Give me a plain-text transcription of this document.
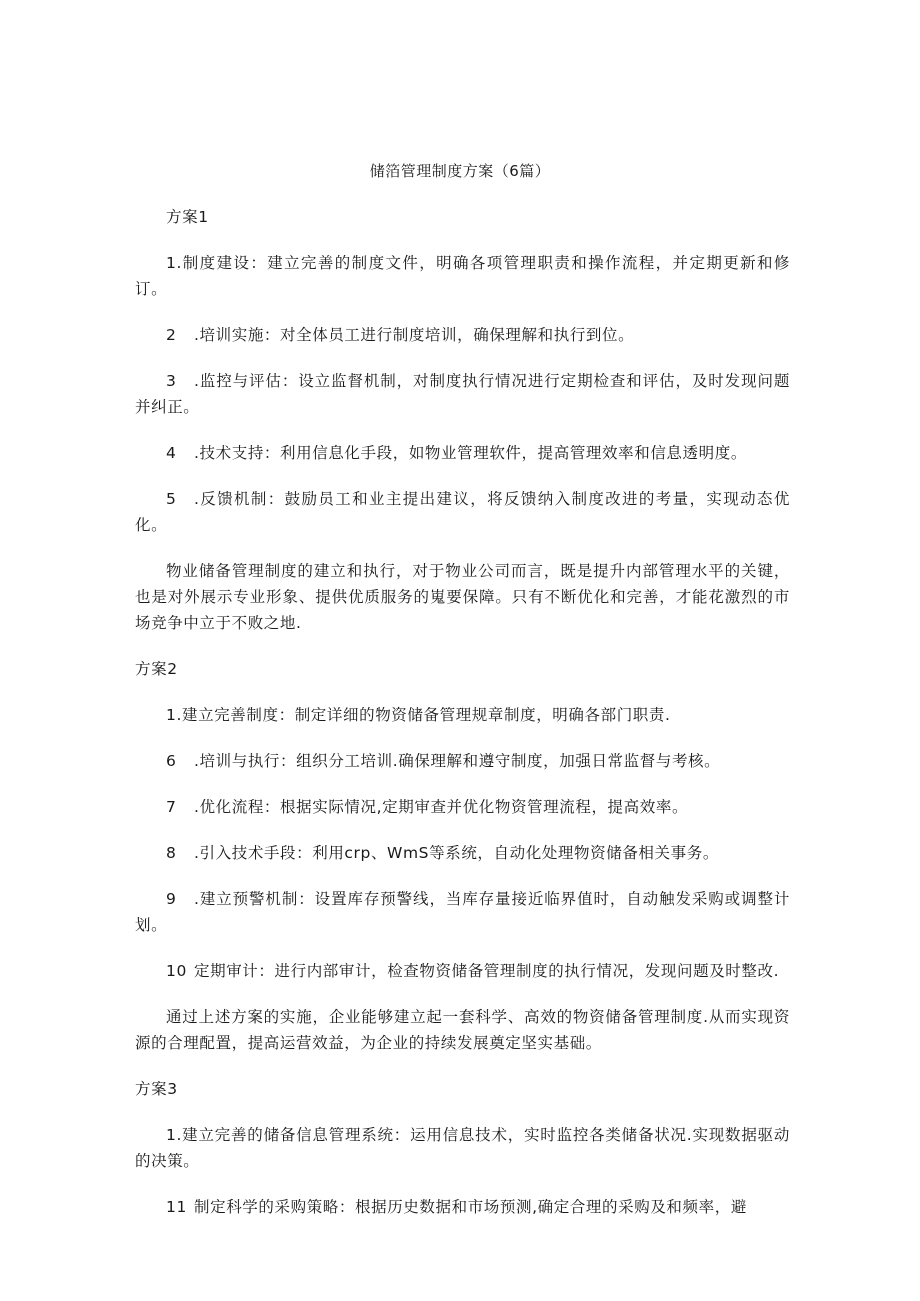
储箔管理制度方案（6篇）
方案1

1.制度建设：建立完善的制度文件，明确各项管理职责和操作流程，并定期更新和修订。

2 .培训实施：对全体员工进行制度培训，确保理解和执行到位。

3 .监控与评估：设立监督机制，对制度执行情况进行定期检查和评估，及时发现问题并纠正。

4 .技术支持：利用信息化手段，如物业管理软件，提高管理效率和信息透明度。

5 .反馈机制：鼓励员工和业主提出建议，将反馈纳入制度改进的考量，实现动态优化。

物业储备管理制度的建立和执行，对于物业公司而言，既是提升内部管理水平的关键，也是对外展示专业形象、提供优质服务的嵬要保障。只有不断优化和完善，才能花激烈的市场竞争中立于不败之地.

方案2

1.建立完善制度：制定详细的物资储备管理规章制度，明确各部门职责.

6 .培训与执行：组织分工培训.确保理解和遵守制度，加强日常监督与考核。

7 .优化流程：根据实际情况,定期审查并优化物资管理流程，提高效率。

8 .引入技术手段：利用crp、WmS等系统，自动化处理物资储备相关事务。

9 .建立预警机制：设置库存预警线，当库存量接近临界值时，自动触发采购或调整计划。

10 定期审计：进行内部审计，检查物资储备管理制度的执行情况，发现问题及时整改.

通过上述方案的实施，企业能够建立起一套科学、高效的物资储备管理制度.从而实现资源的合理配置，提高运营效益，为企业的持续发展奠定坚实基础。

方案3

1.建立完善的储备信息管理系统：运用信息技术，实时监控各类储备状况.实现数据驱动的决策。

11 制定科学的采购策略：根据历史数据和市场预测,确定合理的采购及和频率，避
